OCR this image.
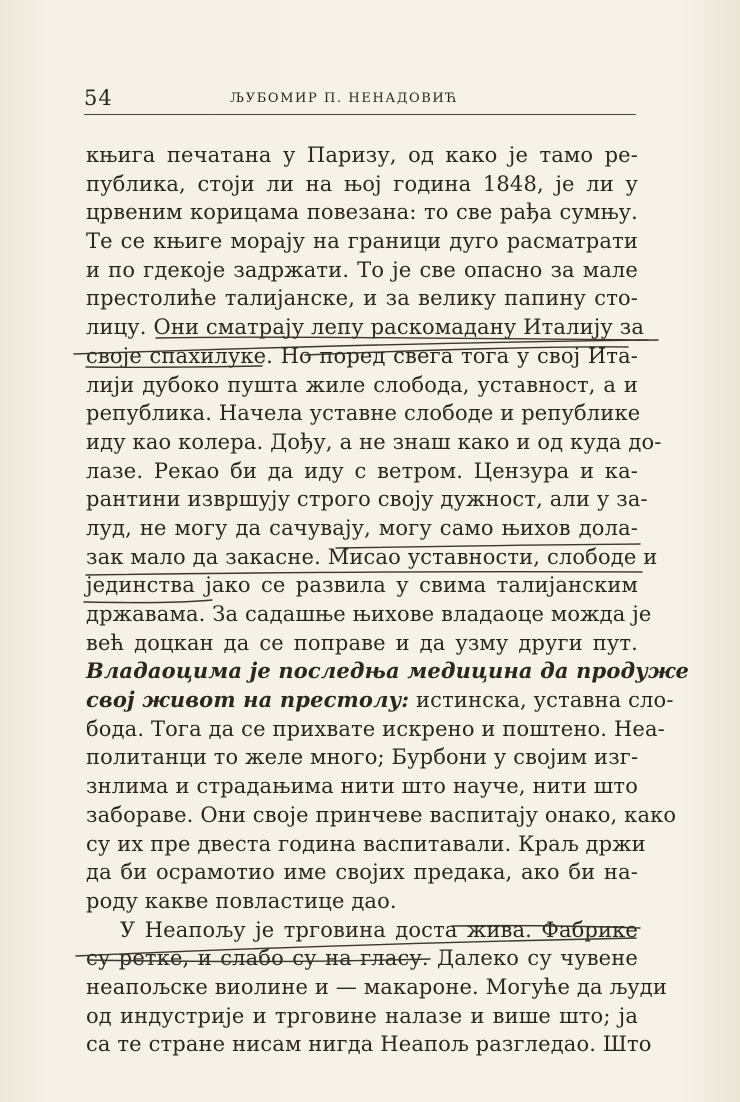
54	ЉУБОМИР П. НЕНАДОВИЋ
књига печатана у Паризу, од како је тамо ре-
публика, стоји ли на њој година 1848, је ли у
црвеним корицама повезана: то све рађа сумњу.
Те се књиге морају на граници дуго расматрати
и по гдекоје задржати. То је све опасно за мале
престолиће талијанске, и за велику папину сто-
лицу. Они сматрају лепу раскомадану Италију за
своје спахилуке. Но поред свега тога у свој Ита-
лији дубоко пушта жиле слобода, уставност, а и
република. Начела уставне слободе и републике
иду као колера. Дођу, а не знаш како и од куда до-
лазе. Рекао би да иду с ветром. Цензура и ка-
рантини извршују строго своју дужност, али у за-
луд, не могу да сачувају, могу само њихов дола-
зак мало да закасне. Мисао уставности, слободе и
јединства јако се развила у свима талијанским
државама. За садашње њихове владаоце можда је
већ доцкан да се поправе и да узму други пут.
Владаоцима је последња медицина да продуже
свој живот на престолу: истинска, уставна сло-
бода. Тога да се прихвате искрено и поштено. Неа-
политанци то желе много; Бурбони у својим изг-
знлима и страдањима нити што науче, нити што
забораве. Они своје принчеве васпитају онако, како
су их пре двеста година васпитавали. Краљ држи
да би осрамотио име својих предака, ако би на-
роду какве повластице дао.
У Неапољу је трговина доста жива. Фабрике
су ретке, и слабо су на гласу. Далеко су чувене
неапољске виолине и — макароне. Могуће да људи
од индустрије и трговине налазе и више што; ја
са те стране нисам нигда Неапољ разгледао. Што
